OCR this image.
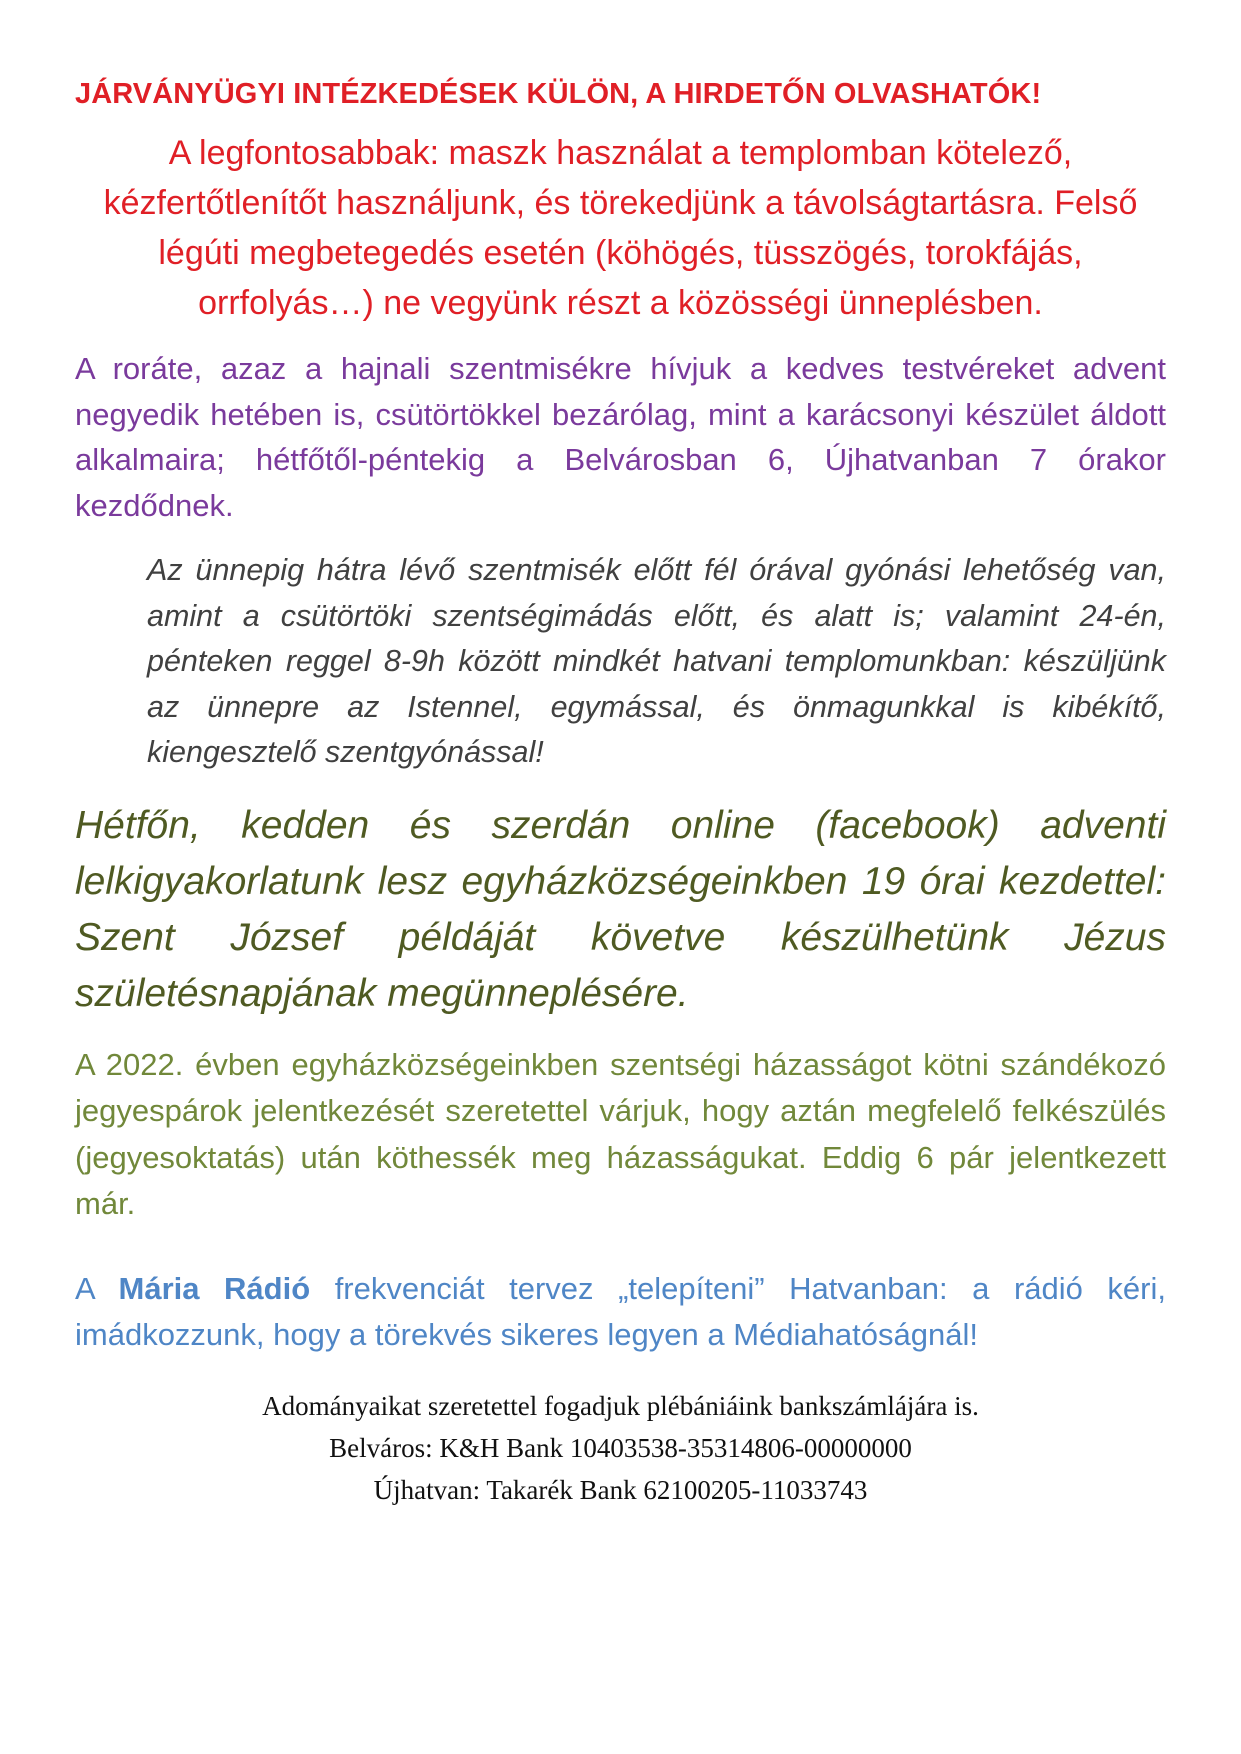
JÁRVÁNYÜGYI INTÉZKEDÉSEK KÜLÖN, A HIRDETŐN OLVASHATÓK!

A legfontosabbak: maszk használat a templomban kötelező, kézfertőtlenítőt használjunk, és törekedjünk a távolságtartásra. Felső légúti megbetegedés esetén (köhögés, tüsszögés, torokfájás, orrfolyás…) ne vegyünk részt a közösségi ünneplésben.

A roráte, azaz a hajnali szentmisékre hívjuk a kedves testvéreket advent negyedik hetében is, csütörtökkel bezárólag, mint a karácsonyi készület áldott alkalmaira; hétfőtől-péntekig a Belvárosban 6, Újhatvanban 7 órakor kezdődnek.

Az ünnepig hátra lévő szentmisék előtt fél órával gyónási lehetőség van, amint a csütörtöki szentségimádás előtt, és alatt is; valamint 24-én, pénteken reggel 8-9h között mindkét hatvani templomunkban: készüljünk az ünnepre az Istennel, egymással, és önmagunkkal is kibékítő, kiengesztelő szentgyónással!

Hétfőn, kedden és szerdán online (facebook) adventi lelkigyakorlatunk lesz egyházközségeinkben 19 órai kezdettel: Szent József példáját követve készülhetünk Jézus születésnapjának megünneplésére.

A 2022. évben egyházközségeinkben szentségi házasságot kötni szándékozó jegyespárok jelentkezését szeretettel várjuk, hogy aztán megfelelő felkészülés (jegyesoktatás) után köthessék meg házasságukat. Eddig 6 pár jelentkezett már.

A Mária Rádió frekvenciát tervez „telepíteni” Hatvanban: a rádió kéri, imádkozzunk, hogy a törekvés sikeres legyen a Médiahatóságnál!

Adományaikat szeretettel fogadjuk plébániáink bankszámlájára is.
Belváros: K&H Bank 10403538-35314806-00000000
Újhatvan: Takarék Bank 62100205-11033743
